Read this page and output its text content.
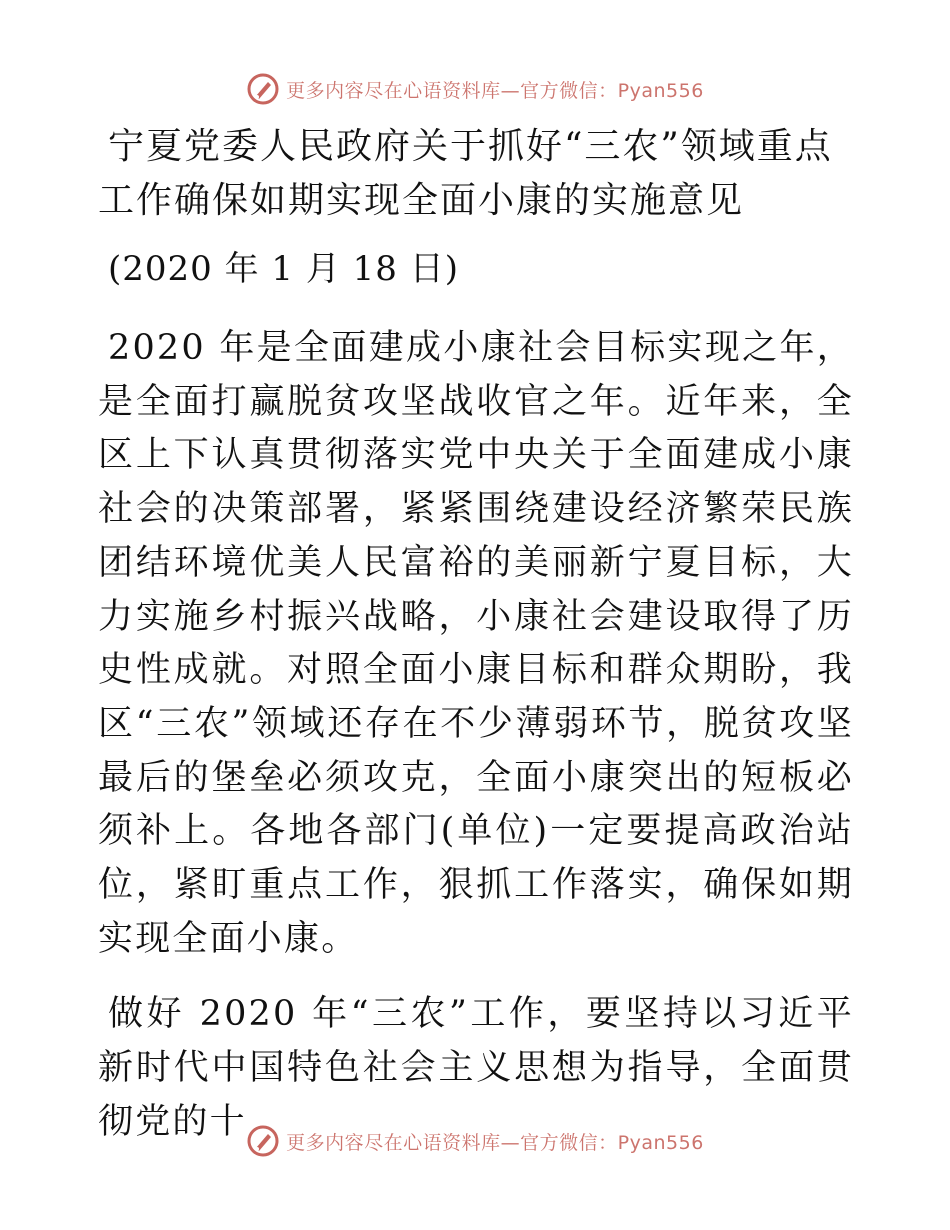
更多内容尽在心语资料库—官方微信：Pyan556
宁夏党委人民政府关于抓好“三农”领域重点工作确保如期实现全面小康的实施意见
(2020 年 1 月 18 日)

2020 年是全面建成小康社会目标实现之年，是全面打赢脱贫攻坚战收官之年。近年来，全区上下认真贯彻落实党中央关于全面建成小康社会的决策部署，紧紧围绕建设经济繁荣民族团结环境优美人民富裕的美丽新宁夏目标，大力实施乡村振兴战略，小康社会建设取得了历史性成就。对照全面小康目标和群众期盼，我区“三农”领域还存在不少薄弱环节，脱贫攻坚最后的堡垒必须攻克，全面小康突出的短板必须补上。各地各部门(单位)一定要提高政治站位，紧盯重点工作，狠抓工作落实，确保如期实现全面小康。

做好 2020 年“三农”工作，要坚持以习近平新时代中国特色社会主义思想为指导，全面贯彻党的十

更多内容尽在心语资料库—官方微信：Pyan556
